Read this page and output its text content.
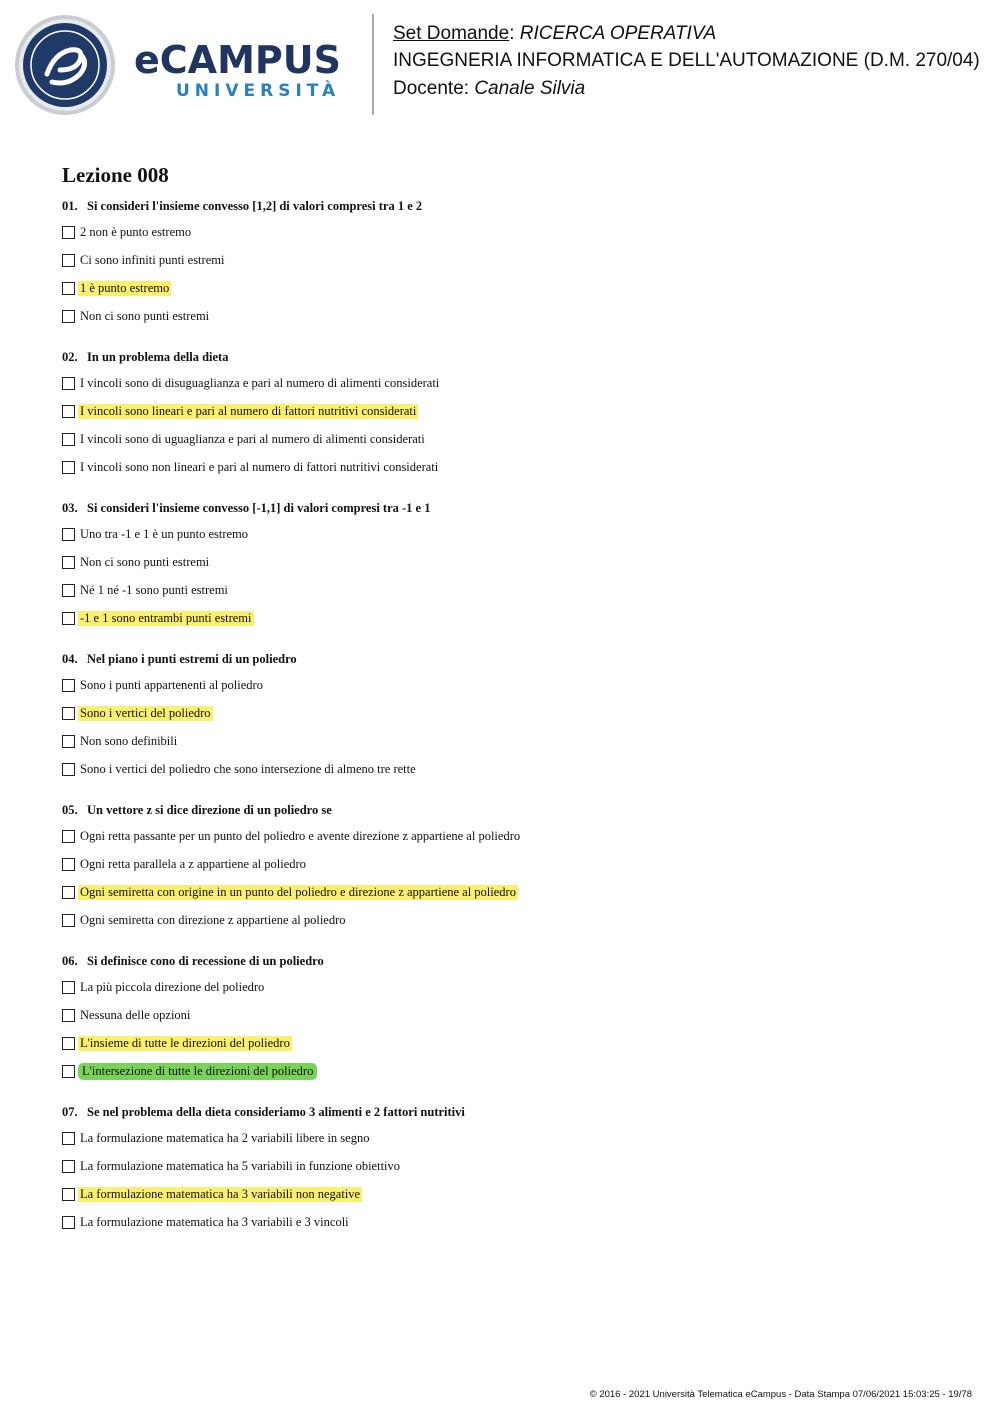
eCAMPUS
UNIVERSITÀ
Set Domande: RICERCA OPERATIVA
INGEGNERIA INFORMATICA E DELL'AUTOMAZIONE (D.M. 270/04)
Docente: Canale Silvia
Lezione 008
01. Si consideri l'insieme convesso [1,2] di valori compresi tra 1 e 2
2 non è punto estremo
Ci sono infiniti punti estremi
1 è punto estremo
Non ci sono punti estremi
02. In un problema della dieta
I vincoli sono di disuguaglianza e pari al numero di alimenti considerati
I vincoli sono lineari e pari al numero di fattori nutritivi considerati
I vincoli sono di uguaglianza e pari al numero di alimenti considerati
I vincoli sono non lineari e pari al numero di fattori nutritivi considerati
03. Si consideri l'insieme convesso [-1,1] di valori compresi tra -1 e 1
Uno tra -1 e 1 è un punto estremo
Non ci sono punti estremi
Né 1 né -1 sono punti estremi
-1 e 1 sono entrambi punti estremi
04. Nel piano i punti estremi di un poliedro
Sono i punti appartenenti al poliedro
Sono i vertici del poliedro
Non sono definibili
Sono i vertici del poliedro che sono intersezione di almeno tre rette
05. Un vettore z si dice direzione di un poliedro se
Ogni retta passante per un punto del poliedro e avente direzione z appartiene al poliedro
Ogni retta parallela a z appartiene al poliedro
Ogni semiretta con origine in un punto del poliedro e direzione z appartiene al poliedro
Ogni semiretta con direzione z appartiene al poliedro
06. Si definisce cono di recessione di un poliedro
La più piccola direzione del poliedro
Nessuna delle opzioni
L'insieme di tutte le direzioni del poliedro
L'intersezione di tutte le direzioni del poliedro
07. Se nel problema della dieta consideriamo 3 alimenti e 2 fattori nutritivi
La formulazione matematica ha 2 variabili libere in segno
La formulazione matematica ha 5 variabili in funzione obiettivo
La formulazione matematica ha 3 variabili non negative
La formulazione matematica ha 3 variabili e 3 vincoli
© 2016 - 2021 Università Telematica eCampus - Data Stampa 07/06/2021 15:03:25 - 19/78
